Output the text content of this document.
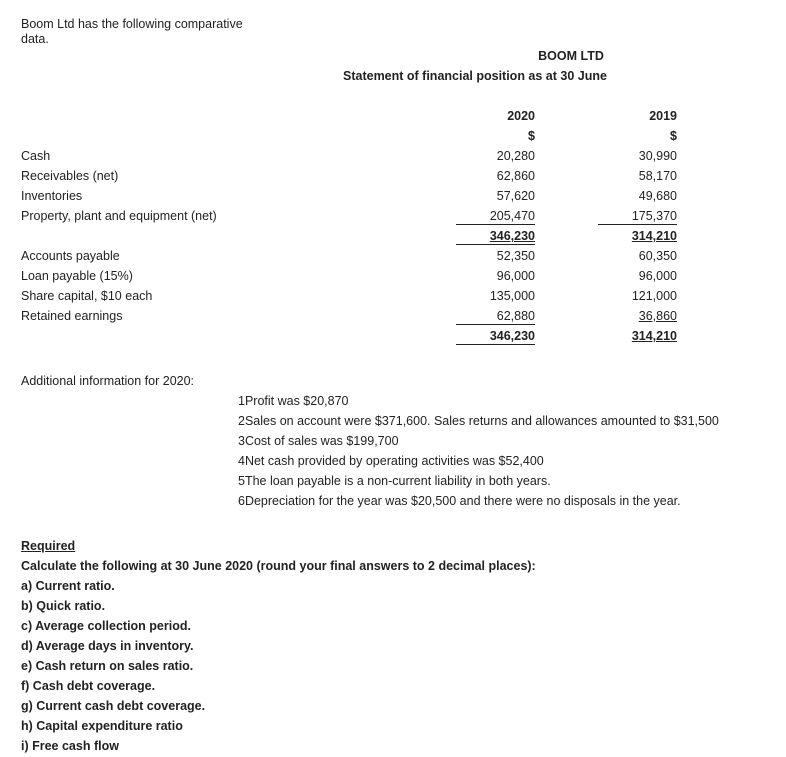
Boom Ltd has the following comparative
data.
BOOM LTD
Statement of financial position as at 30 June
2020	2019
$	$
Cash	20,280	30,990
Receivables (net)	62,860	58,170
Inventories	57,620	49,680
Property, plant and equipment (net)	205,470	175,370
346,230	314,210
Accounts payable	52,350	60,350
Loan payable (15%)	96,000	96,000
Share capital, $10 each	135,000	121,000
Retained earnings	62,880	36,860
346,230	314,210
Additional information for 2020:
1Profit was $20,870
2Sales on account were $371,600. Sales returns and allowances amounted to $31,500
3Cost of sales was $199,700
4Net cash provided by operating activities was $52,400
5The loan payable is a non-current liability in both years.
6Depreciation for the year was $20,500 and there were no disposals in the year.
Required
Calculate the following at 30 June 2020 (round your final answers to 2 decimal places):
a) Current ratio.
b) Quick ratio.
c) Average collection period.
d) Average days in inventory.
e) Cash return on sales ratio.
f) Cash debt coverage.
g) Current cash debt coverage.
h) Capital expenditure ratio
i) Free cash flow
